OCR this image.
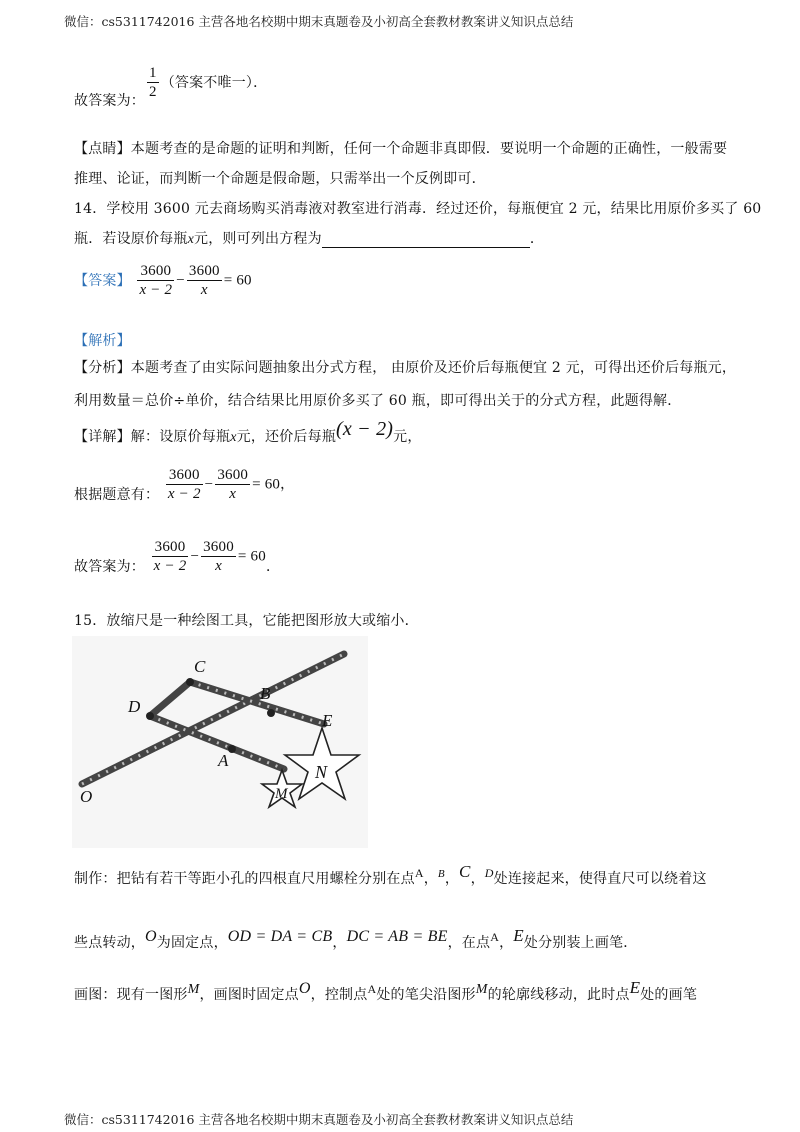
微信：cs5311742016 主营各地名校期中期末真题卷及小初高全套教材教案讲义知识点总结
故答案为： $\frac{1}{2}$ （答案不唯一）．
【点睛】本题考查的是命题的证明和判断，任何一个命题非真即假．要说明一个命题的正确性，一般需要
推理、论证，而判断一个命题是假命题，只需举出一个反例即可．
14．学校用 3600 元去商场购买消毒液对教室进行消毒．经过还价，每瓶便宜 2 元，结果比用原价多买了 60
瓶．若设原价每瓶x元，则可列出方程为	．
【答案】 $\frac{3600}{x - 2} - \frac{3600}{x} = 60$
【解析】
【分析】本题考查了由实际问题抽象出分式方程， 由原价及还价后每瓶便宜 2 元，可得出还价后每瓶元，
利用数量＝总价÷单价，结合结果比用原价多买了 60 瓶，即可得出关于的分式方程，此题得解．
【详解】解：设原价每瓶x元，还价后每瓶(x − 2)元，
根据题意有： $\frac{3600}{x - 2} - \frac{3600}{x} = 60$，
故答案为： $\frac{3600}{x - 2} - \frac{3600}{x} = 60$．
15．放缩尺是一种绘图工具，它能把图形放大或缩小．
C
D
B
E
A
N
M
O
制作：把钻有若干等距小孔的四根直尺用螺栓分别在点A，$^B$，C，D处连接起来，使得直尺可以绕着这
些点转动，O为固定点，OD = DA = CB，DC = AB = BE，在点A，E处分别装上画笔．
画图：现有一图形M，画图时固定点O，控制点A处的笔尖沿图形M的轮廓线移动，此时点E处的画笔
微信：cs5311742016 主营各地名校期中期末真题卷及小初高全套教材教案讲义知识点总结
